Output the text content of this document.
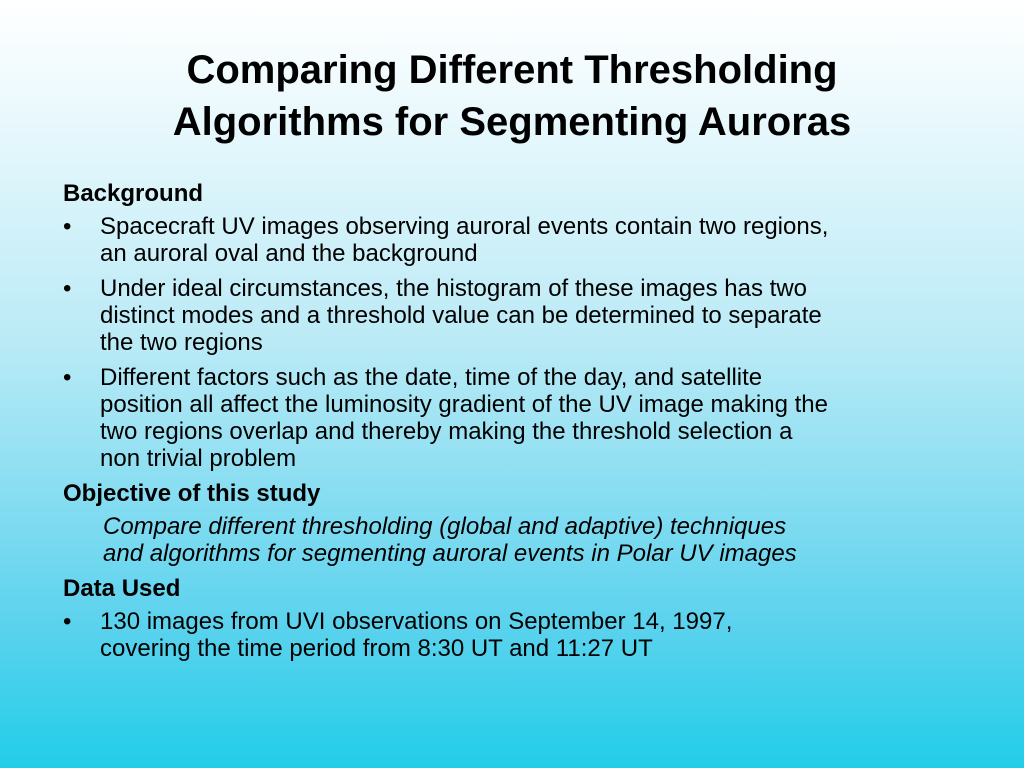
Comparing Different Thresholding
Algorithms for Segmenting Auroras
Background
• Spacecraft UV images observing auroral events contain two regions,
an auroral oval and the background
• Under ideal circumstances, the histogram of these images has two
distinct modes and a threshold value can be determined to separate
the two regions
• Different factors such as the date, time of the day, and satellite
position all affect the luminosity gradient of the UV image making the
two regions overlap and thereby making the threshold selection a
non trivial problem
Objective of this study
Compare different thresholding (global and adaptive) techniques
and algorithms for segmenting auroral events in Polar UV images
Data Used
• 130 images from UVI observations on September 14, 1997,
covering the time period from 8:30 UT and 11:27 UT
